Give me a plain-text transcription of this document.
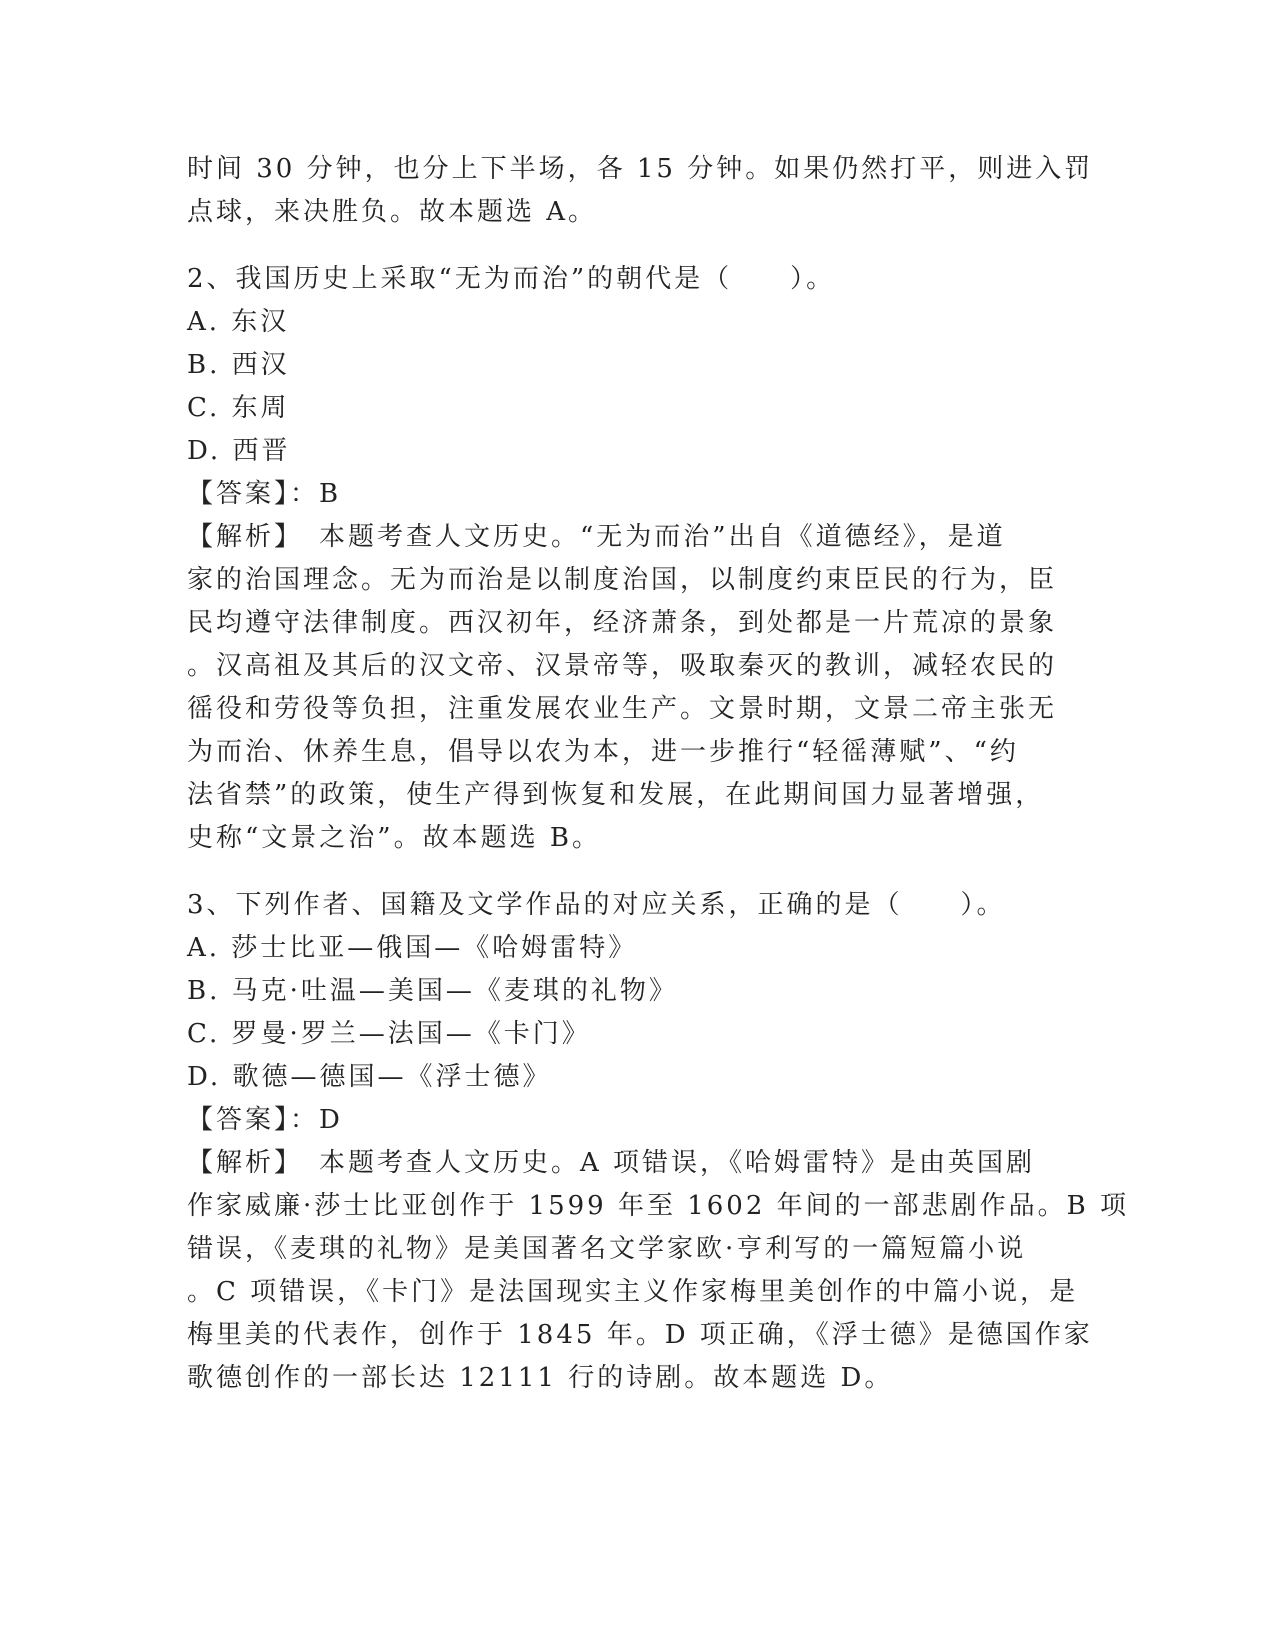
时间 30 分钟，也分上下半场，各 15 分钟。如果仍然打平，则进入罚
点球，来决胜负。故本题选 A。
2、我国历史上采取“无为而治”的朝代是（　　）。
A. 东汉
B. 西汉
C. 东周
D. 西晋
【答案】：B
【解析】　本题考查人文历史。“无为而治”出自《道德经》，是道
家的治国理念。无为而治是以制度治国，以制度约束臣民的行为，臣
民均遵守法律制度。西汉初年，经济萧条，到处都是一片荒凉的景象
。汉高祖及其后的汉文帝、汉景帝等，吸取秦灭的教训，减轻农民的
徭役和劳役等负担，注重发展农业生产。文景时期，文景二帝主张无
为而治、休养生息，倡导以农为本，进一步推行“轻徭薄赋”、“约
法省禁”的政策，使生产得到恢复和发展，在此期间国力显著增强，
史称“文景之治”。故本题选 B。
3、下列作者、国籍及文学作品的对应关系，正确的是（　　）。
A. 莎士比亚—俄国—《哈姆雷特》
B. 马克·吐温—美国—《麦琪的礼物》
C. 罗曼·罗兰—法国—《卡门》
D. 歌德—德国—《浮士德》
【答案】：D
【解析】　本题考查人文历史。A 项错误，《哈姆雷特》是由英国剧
作家威廉·莎士比亚创作于 1599 年至 1602 年间的一部悲剧作品。B 项
错误，《麦琪的礼物》是美国著名文学家欧·亨利写的一篇短篇小说
。C 项错误，《卡门》是法国现实主义作家梅里美创作的中篇小说，是
梅里美的代表作，创作于 1845 年。D 项正确，《浮士德》是德国作家
歌德创作的一部长达 12111 行的诗剧。故本题选 D。
